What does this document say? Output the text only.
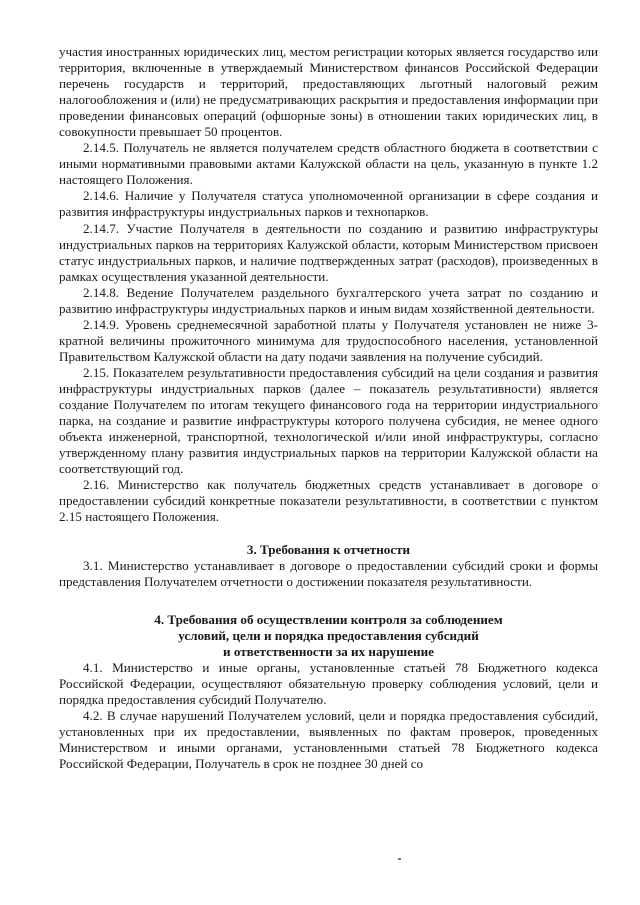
участия иностранных юридических лиц, местом регистрации которых является государство или территория, включенные в утверждаемый Министерством финансов Российской Федерации перечень государств и территорий, предоставляющих льготный налоговый режим налогообложения и (или) не предусматривающих раскрытия и предоставления информации при проведении финансовых операций (офшорные зоны) в отношении таких юридических лиц, в совокупности превышает 50 процентов.

2.14.5. Получатель не является получателем средств областного бюджета в соответствии с иными нормативными правовыми актами Калужской области на цель, указанную в пункте 1.2 настоящего Положения.

2.14.6. Наличие у Получателя статуса уполномоченной организации в сфере создания и развития инфраструктуры индустриальных парков и технопарков.

2.14.7. Участие Получателя в деятельности по созданию и развитию инфраструктуры индустриальных парков на территориях Калужской области, которым Министерством присвоен статус индустриальных парков, и наличие подтвержденных затрат (расходов), произведенных в рамках осуществления указанной деятельности.

2.14.8. Ведение Получателем раздельного бухгалтерского учета затрат по созданию и развитию инфраструктуры индустриальных парков и иным видам хозяйственной деятельности.

2.14.9. Уровень среднемесячной заработной платы у Получателя установлен не ниже 3-кратной величины прожиточного минимума для трудоспособного населения, установленной Правительством Калужской области на дату подачи заявления на получение субсидий.

2.15. Показателем результативности предоставления субсидий на цели создания и развития инфраструктуры индустриальных парков (далее – показатель результативности) является создание Получателем по итогам текущего финансового года на территории индустриального парка, на создание и развитие инфраструктуры которого получена субсидия, не менее одного объекта инженерной, транспортной, технологической и/или иной инфраструктуры, согласно утвержденному плану развития индустриальных парков на территории Калужской области на соответствующий год.

2.16. Министерство как получатель бюджетных средств устанавливает в договоре о предоставлении субсидий конкретные показатели результативности, в соответствии с пунктом 2.15 настоящего Положения.

3. Требования к отчетности

3.1. Министерство устанавливает в договоре о предоставлении субсидий сроки и формы представления Получателем отчетности о достижении показателя результативности.

4. Требования об осуществлении контроля за соблюдением
условий, цели и порядка предоставления субсидий
и ответственности за их нарушение

4.1. Министерство и иные органы, установленные статьей 78 Бюджетного кодекса Российской Федерации, осуществляют обязательную проверку соблюдения условий, цели и порядка предоставления субсидий Получателю.

4.2. В случае нарушений Получателем условий, цели и порядка предоставления субсидий, установленных при их предоставлении, выявленных по фактам проверок, проведенных Министерством и иными органами, установленными статьей 78 Бюджетного кодекса Российской Федерации, Получатель в срок не позднее 30 дней со
